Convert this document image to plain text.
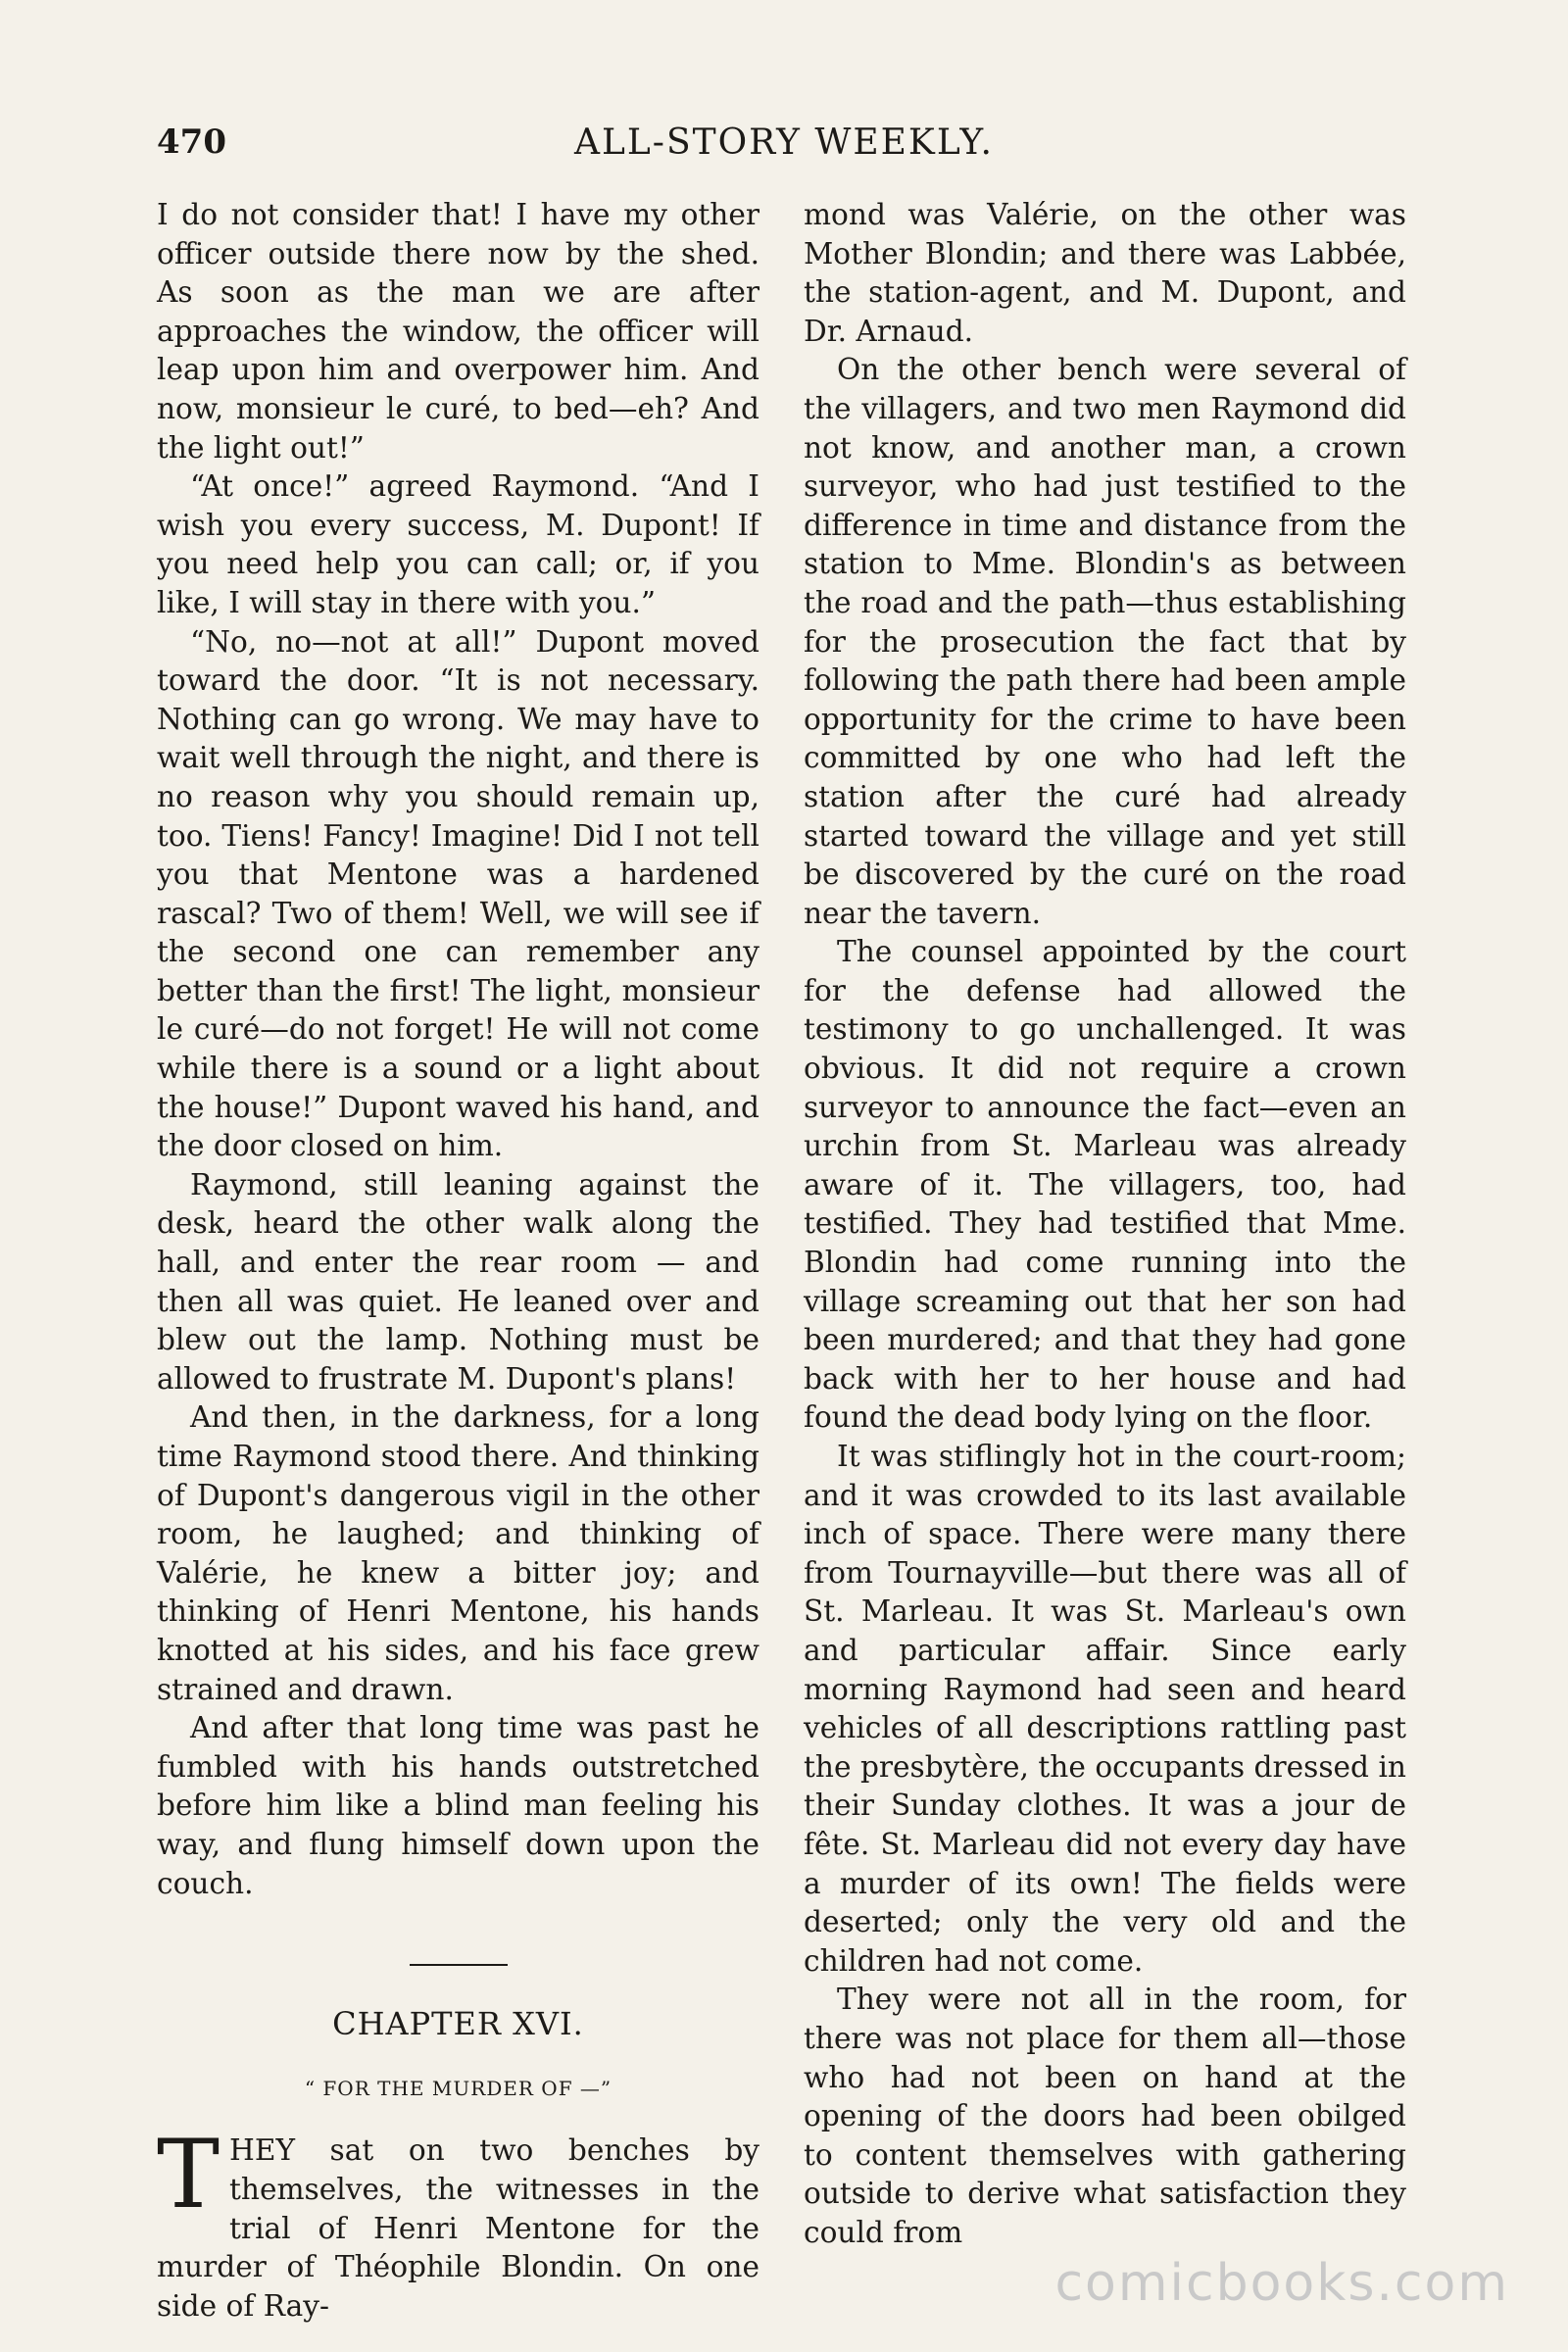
470	ALL-STORY WEEKLY.

I do not consider that! I have my other officer outside there now by the shed. As soon as the man we are after approaches the window, the officer will leap upon him and overpower him. And now, monsieur le curé, to bed—eh? And the light out!”

“At once!” agreed Raymond. “And I wish you every success, M. Dupont! If you need help you can call; or, if you like, I will stay in there with you.”

“No, no—not at all!” Dupont moved toward the door. “It is not necessary. Nothing can go wrong. We may have to wait well through the night, and there is no reason why you should remain up, too. Tiens! Fancy! Imagine! Did I not tell you that Mentone was a hardened rascal? Two of them! Well, we will see if the second one can remember any better than the first! The light, monsieur le curé—do not forget! He will not come while there is a sound or a light about the house!” Dupont waved his hand, and the door closed on him.

Raymond, still leaning against the desk, heard the other walk along the hall, and enter the rear room — and then all was quiet. He leaned over and blew out the lamp. Nothing must be allowed to frustrate M. Dupont's plans!

And then, in the darkness, for a long time Raymond stood there. And thinking of Dupont's dangerous vigil in the other room, he laughed; and thinking of Valérie, he knew a bitter joy; and thinking of Henri Mentone, his hands knotted at his sides, and his face grew strained and drawn.

And after that long time was past he fumbled with his hands outstretched before him like a blind man feeling his way, and flung himself down upon the couch.

CHAPTER XVI.
“ FOR THE MURDER OF —”

THEY sat on two benches by themselves, the witnesses in the trial of Henri Mentone for the murder of Théophile Blondin. On one side of Ray-

mond was Valérie, on the other was Mother Blondin; and there was Labbée, the station-agent, and M. Dupont, and Dr. Arnaud.

On the other bench were several of the villagers, and two men Raymond did not know, and another man, a crown surveyor, who had just testified to the difference in time and distance from the station to Mme. Blondin's as between the road and the path—thus establishing for the prosecution the fact that by following the path there had been ample opportunity for the crime to have been committed by one who had left the station after the curé had already started toward the village and yet still be discovered by the curé on the road near the tavern.

The counsel appointed by the court for the defense had allowed the testimony to go unchallenged. It was obvious. It did not require a crown surveyor to announce the fact—even an urchin from St. Marleau was already aware of it. The villagers, too, had testified. They had testified that Mme. Blondin had come running into the village screaming out that her son had been murdered; and that they had gone back with her to her house and had found the dead body lying on the floor.

It was stiflingly hot in the court-room; and it was crowded to its last available inch of space. There were many there from Tournayville—but there was all of St. Marleau. It was St. Marleau's own and particular affair. Since early morning Raymond had seen and heard vehicles of all descriptions rattling past the presbytère, the occupants dressed in their Sunday clothes. It was a jour de fête. St. Marleau did not every day have a murder of its own! The fields were deserted; only the very old and the children had not come.

They were not all in the room, for there was not place for them all—those who had not been on hand at the opening of the doors had been obilged to content themselves with gathering outside to derive what satisfaction they could from

comicbooks.com
